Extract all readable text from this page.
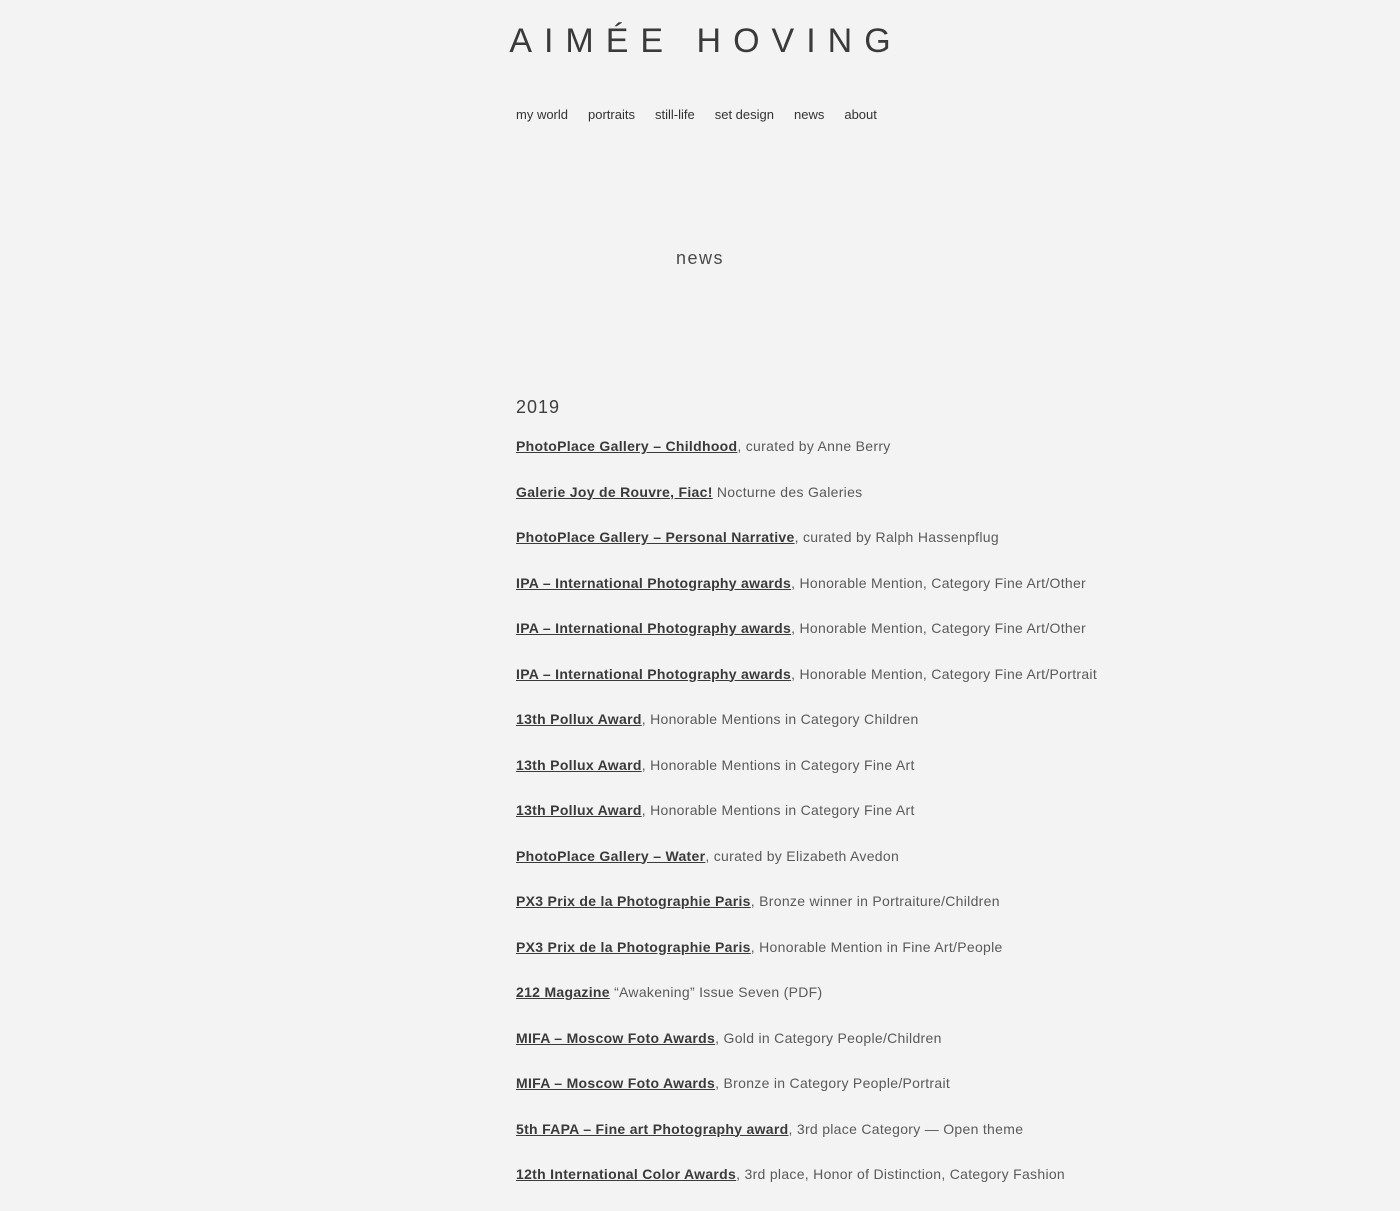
AIMÉE HOVING
my world portraits still-life set design news about
news
2019
PhotoPlace Gallery – Childhood, curated by Anne Berry
Galerie Joy de Rouvre, Fiac! Nocturne des Galeries
PhotoPlace Gallery – Personal Narrative, curated by Ralph Hassenpflug
IPA – International Photography awards, Honorable Mention, Category Fine Art/Other
IPA – International Photography awards, Honorable Mention, Category Fine Art/Other
IPA – International Photography awards, Honorable Mention, Category Fine Art/Portrait
13th Pollux Award, Honorable Mentions in Category Children
13th Pollux Award, Honorable Mentions in Category Fine Art
13th Pollux Award, Honorable Mentions in Category Fine Art
PhotoPlace Gallery – Water, curated by Elizabeth Avedon
PX3 Prix de la Photographie Paris, Bronze winner in Portraiture/Children
PX3 Prix de la Photographie Paris, Honorable Mention in Fine Art/People
212 Magazine “Awakening” Issue Seven (PDF)
MIFA – Moscow Foto Awards, Gold in Category People/Children
MIFA – Moscow Foto Awards, Bronze in Category People/Portrait
5th FAPA – Fine art Photography award, 3rd place Category — Open theme
12th International Color Awards, 3rd place, Honor of Distinction, Category Fashion
